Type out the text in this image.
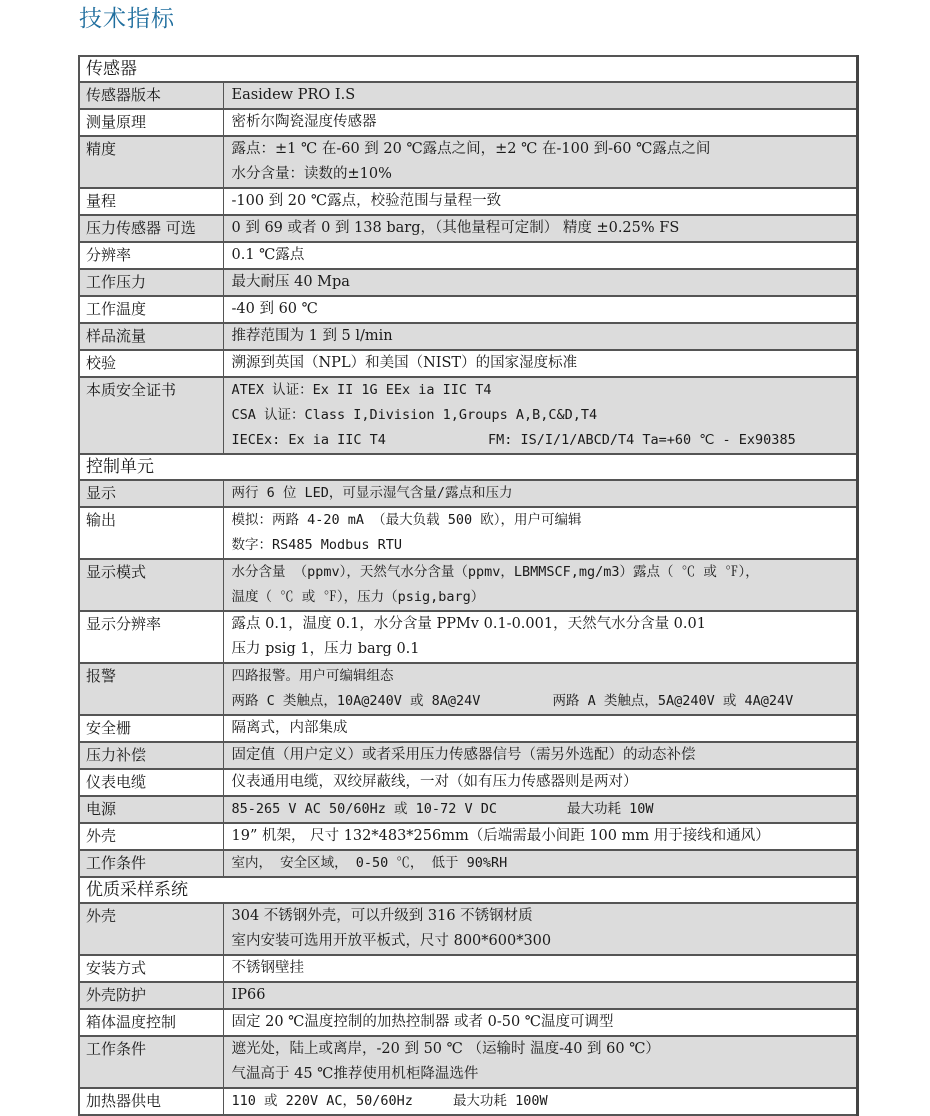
技术指标
传感器	
传感器版本	Easidew PRO I.S

测量原理	密析尔陶瓷湿度传感器

精度	露点：±1 ℃ 在-60 到 20 ℃露点之间，±2 ℃ 在-100 到-60 ℃露点之间
水分含量：读数的±10%

量程	-100 到 20 ℃露点，校验范围与量程一致

压力传感器 可选	0 到 69 或者 0 到 138 barg，（其他量程可定制） 精度 ±0.25% FS

分辨率	0.1 ℃露点

工作压力	最大耐压 40 Mpa

工作温度	-40 到 60 ℃

样品流量	推荐范围为 1 到 5 l/min

校验	溯源到英国（NPL）和美国（NIST）的国家湿度标准

本质安全证书	ATEX 认证：Ex II 1G EEx ia IIC T4
CSA 认证：Class I,Division 1,Groups A,B,C&D,T4
IECEx: Ex ia IIC T4 FM: IS/I/1/ABCD/T4 Ta=+60 ℃ - Ex90385

控制单元	
显示	两行 6 位 LED，可显示湿气含量/露点和压力

输出	模拟：两路 4-20 mA （最大负载 500 欧），用户可编辑
数字：RS485 Modbus RTU

显示模式	水分含量 （ppmv），天然气水分含量（ppmv，LBMMSCF,mg/m3）露点（ ℃ 或 ℉），
温度（ ℃ 或 ℉），压力（psig,barg）

显示分辨率	露点 0.1，温度 0.1，水分含量 PPMv 0.1-0.001，天然气水分含量 0.01
压力 psig 1，压力 barg 0.1

报警	四路报警。用户可编辑组态
两路 C 类触点，10A@240V 或 8A@24V 两路 A 类触点，5A@240V 或 4A@24V

安全栅	隔离式，内部集成

压力补偿	固定值（用户定义）或者采用压力传感器信号（需另外选配）的动态补偿

仪表电缆	仪表通用电缆，双绞屏蔽线，一对（如有压力传感器则是两对）

电源	85-265 V AC 50/60Hz 或 10-72 V DC 最大功耗 10W

外壳	19” 机架， 尺寸 132*483*256mm（后端需最小间距 100 mm 用于接线和通风）

工作条件	室内， 安全区域， 0-50 ℃， 低于 90%RH

优质采样系统	
外壳	304 不锈钢外壳，可以升级到 316 不锈钢材质
室内安装可选用开放平板式，尺寸 800*600*300

安装方式	不锈钢壁挂

外壳防护	IP66

箱体温度控制	固定 20 ℃温度控制的加热控制器 或者 0-50 ℃温度可调型

工作条件	遮光处，陆上或离岸，-20 到 50 ℃ （运输时 温度-40 到 60 ℃）
气温高于 45 ℃推荐使用机柜降温选件

加热器供电	110 或 220V AC，50/60Hz 最大功耗 100W
